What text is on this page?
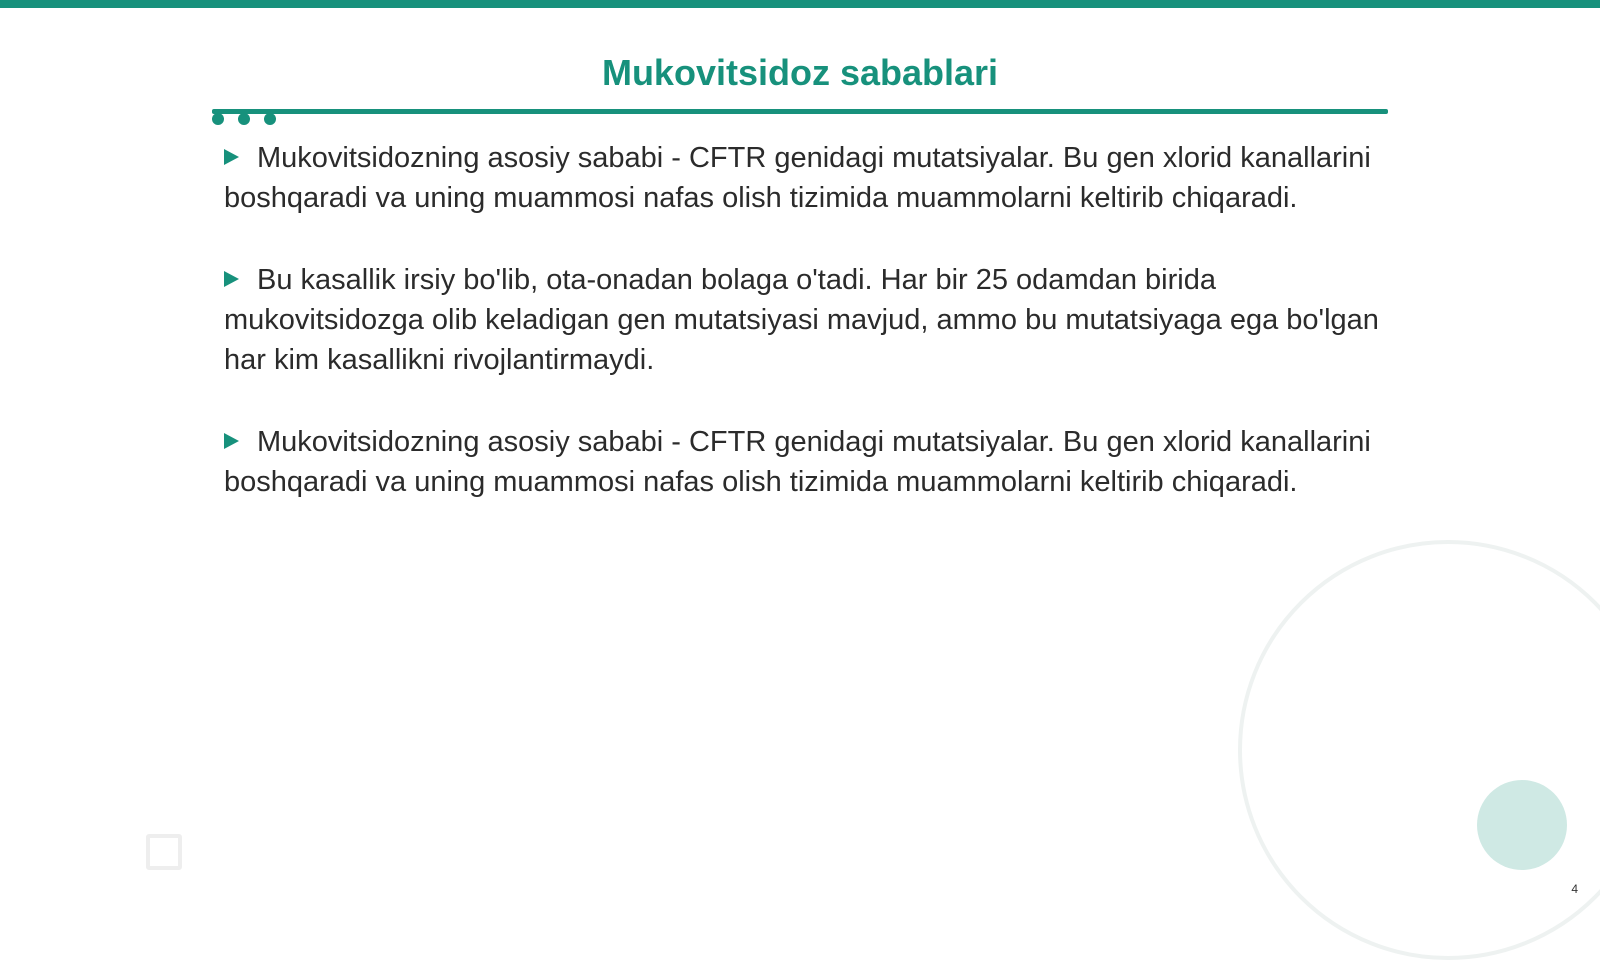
Mukovitsidoz sabablari

Mukovitsidozning asosiy sababi - CFTR genidagi mutatsiyalar. Bu gen xlorid kanallarini boshqaradi va uning muammosi nafas olish tizimida muammolarni keltirib chiqaradi.

Bu kasallik irsiy bo'lib, ota-onadan bolaga o'tadi. Har bir 25 odamdan birida mukovitsidozga olib keladigan gen mutatsiyasi mavjud, ammo bu mutatsiyaga ega bo'lgan har kim kasallikni rivojlantirmaydi.

Mukovitsidozning asosiy sababi - CFTR genidagi mutatsiyalar. Bu gen xlorid kanallarini boshqaradi va uning muammosi nafas olish tizimida muammolarni keltirib chiqaradi.

4
